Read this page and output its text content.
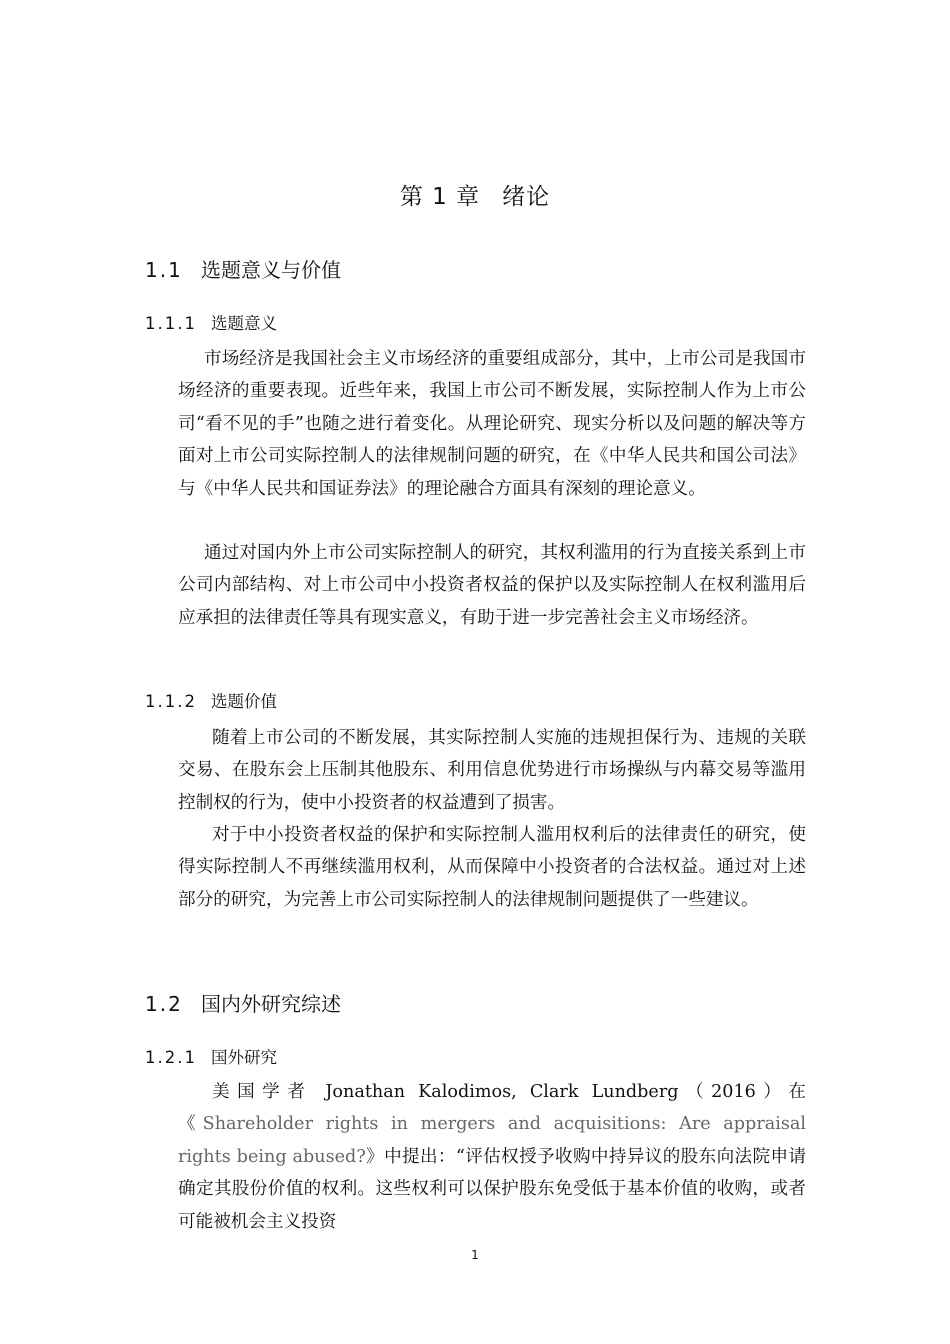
第 1 章 绪论
1.1 选题意义与价值
1.1.1 选题意义

市场经济是我国社会主义市场经济的重要组成部分，其中，上市公司是我国市场经济的重要表现。近些年来，我国上市公司不断发展，实际控制人作为上市公司“看不见的手”也随之进行着变化。从理论研究、现实分析以及问题的解决等方面对上市公司实际控制人的法律规制问题的研究，在《中华人民共和国公司法》与《中华人民共和国证券法》的理论融合方面具有深刻的理论意义。

通过对国内外上市公司实际控制人的研究，其权利滥用的行为直接关系到上市公司内部结构、对上市公司中小投资者权益的保护以及实际控制人在权利滥用后应承担的法律责任等具有现实意义，有助于进一步完善社会主义市场经济。

1.1.2 选题价值

随着上市公司的不断发展，其实际控制人实施的违规担保行为、违规的关联交易、在股东会上压制其他股东、利用信息优势进行市场操纵与内幕交易等滥用控制权的行为，使中小投资者的权益遭到了损害。

对于中小投资者权益的保护和实际控制人滥用权利后的法律责任的研究，使得实际控制人不再继续滥用权利，从而保障中小投资者的合法权益。通过对上述部分的研究，为完善上市公司实际控制人的法律规制问题提供了一些建议。

1.2 国内外研究综述
1.2.1 国外研究

美国学者 Jonathan Kalodimos, Clark Lundberg（2016）在《Shareholder rights in mergers and acquisitions: Are appraisal rights being abused?》中提出：“评估权授予收购中持异议的股东向法院申请确定其股份价值的权利。这些权利可以保护股东免受低于基本价值的收购，或者可能被机会主义投资

1
